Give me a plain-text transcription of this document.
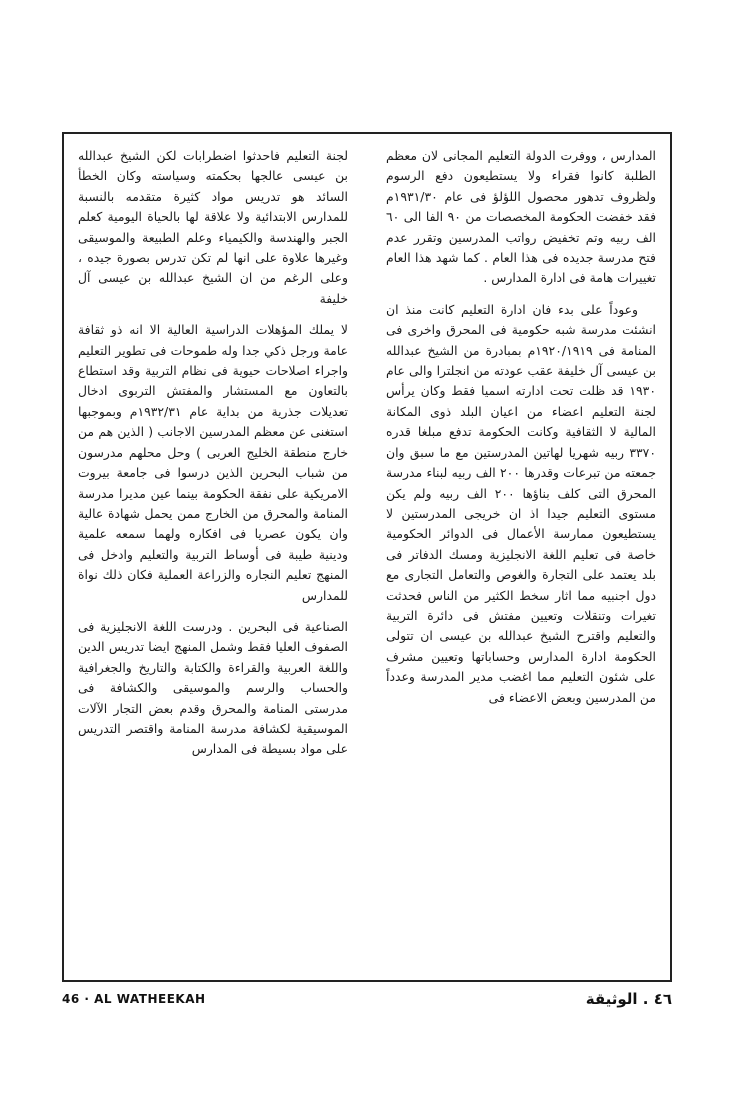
المدارس ، ووفرت الدولة التعليم المجانى لان معظم الطلبة كانوا فقراء ولا يستطيعون دفع الرسوم ولظروف تدهور محصول اللؤلؤ فى عام ١٩٣١/٣٠م فقد خفضت الحكومة المخصصات من ٩٠ الفا الى ٦٠ الف ربيه وتم تخفيض رواتب المدرسين وتقرر عدم فتح مدرسة جديده فى هذا العام . كما شهد هذا العام تغييرات هامة فى ادارة المدارس .

وعوداً على بدء فان ادارة التعليم كانت منذ ان انشئت مدرسة شبه حكومية فى المحرق واخرى فى المنامة فى ١٩٢٠/١٩١٩م بمبادرة من الشيخ عبدالله بن عيسى آل خليفة عقب عودته من انجلترا والى عام ١٩٣٠ قد ظلت تحت ادارته اسميا فقط وكان يرأس لجنة التعليم اعضاء من اعيان البلد ذوى المكانة المالية لا الثقافية وكانت الحكومة تدفع مبلغا قدره ٣٣٧٠ ربيه شهريا لهاتين المدرستين مع ما سبق وان جمعته من تبرعات وقدرها ٢٠٠ الف ربيه لبناء مدرسة المحرق التى كلف بناؤها ٢٠٠ الف ربيه ولم يكن مستوى التعليم جيدا اذ ان خريجى المدرستين لا يستطيعون ممارسة الأعمال فى الدوائر الحكومية خاصة فى تعليم اللغة الانجليزية ومسك الدفاتر فى بلد يعتمد على التجارة والغوص والتعامل التجارى مع دول اجنبيه مما اثار سخط الكثير من الناس فحدثت تغيرات وتنقلات وتعيين مفتش فى دائرة التربية والتعليم واقترح الشيخ عبدالله بن عيسى ان تتولى الحكومة ادارة المدارس وحساباتها وتعيين مشرف على شئون التعليم مما اغضب مدير المدرسة وعدداً من المدرسين وبعض الاعضاء فى

لجنة التعليم فاحدثوا اضطرابات لكن الشيخ عبدالله بن عيسى عالجها بحكمته وسياسته وكان الخطأ السائد هو تدريس مواد كثيرة متقدمه بالنسبة للمدارس الابتدائية ولا علاقة لها بالحياة اليومية كعلم الجبر والهندسة والكيمياء وعلم الطبيعة والموسيقى وغيرها علاوة على انها لم تكن تدرس بصورة جيده ، وعلى الرغم من ان الشيخ عبدالله بن عيسى آل خليفة

لا يملك المؤهلات الدراسية العالية الا انه ذو ثقافة عامة ورجل ذكي جدا وله طموحات فى تطوير التعليم واجراء اصلاحات حيوية فى نظام التربية وقد استطاع بالتعاون مع المستشار والمفتش التربوى ادخال تعديلات جذرية من بداية عام ١٩٣٢/٣١م وبموجبها استغنى عن معظم المدرسين الاجانب ( الذين هم من خارج منطقة الخليج العربى ) وحل محلهم مدرسون من شباب البحرين الذين درسوا فى جامعة بيروت الامريكية على نفقة الحكومة بينما عين مديرا مدرسة المنامة والمحرق من الخارج ممن يحمل شهادة عالية وان يكون عصريا فى افكاره ولهما سمعه علمية ودينية طيبة فى أوساط التربية والتعليم وادخل فى المنهج تعليم النجاره والزراعة العملية فكان ذلك نواة للمدارس

الصناعية فى البحرين . ودرست اللغة الانجليزية فى الصفوف العليا فقط وشمل المنهج ايضا تدريس الدين واللغة العربية والقراءة والكتابة والتاريخ والجغرافية والحساب والرسم والموسيقى والكشافة فى مدرستى المنامة والمحرق وقدم بعض التجار الآلات الموسيقية لكشافة مدرسة المنامة واقتصر التدريس على مواد بسيطة فى المدارس

46 · AL WATHEEKAH	٤٦ . الوثيقة
